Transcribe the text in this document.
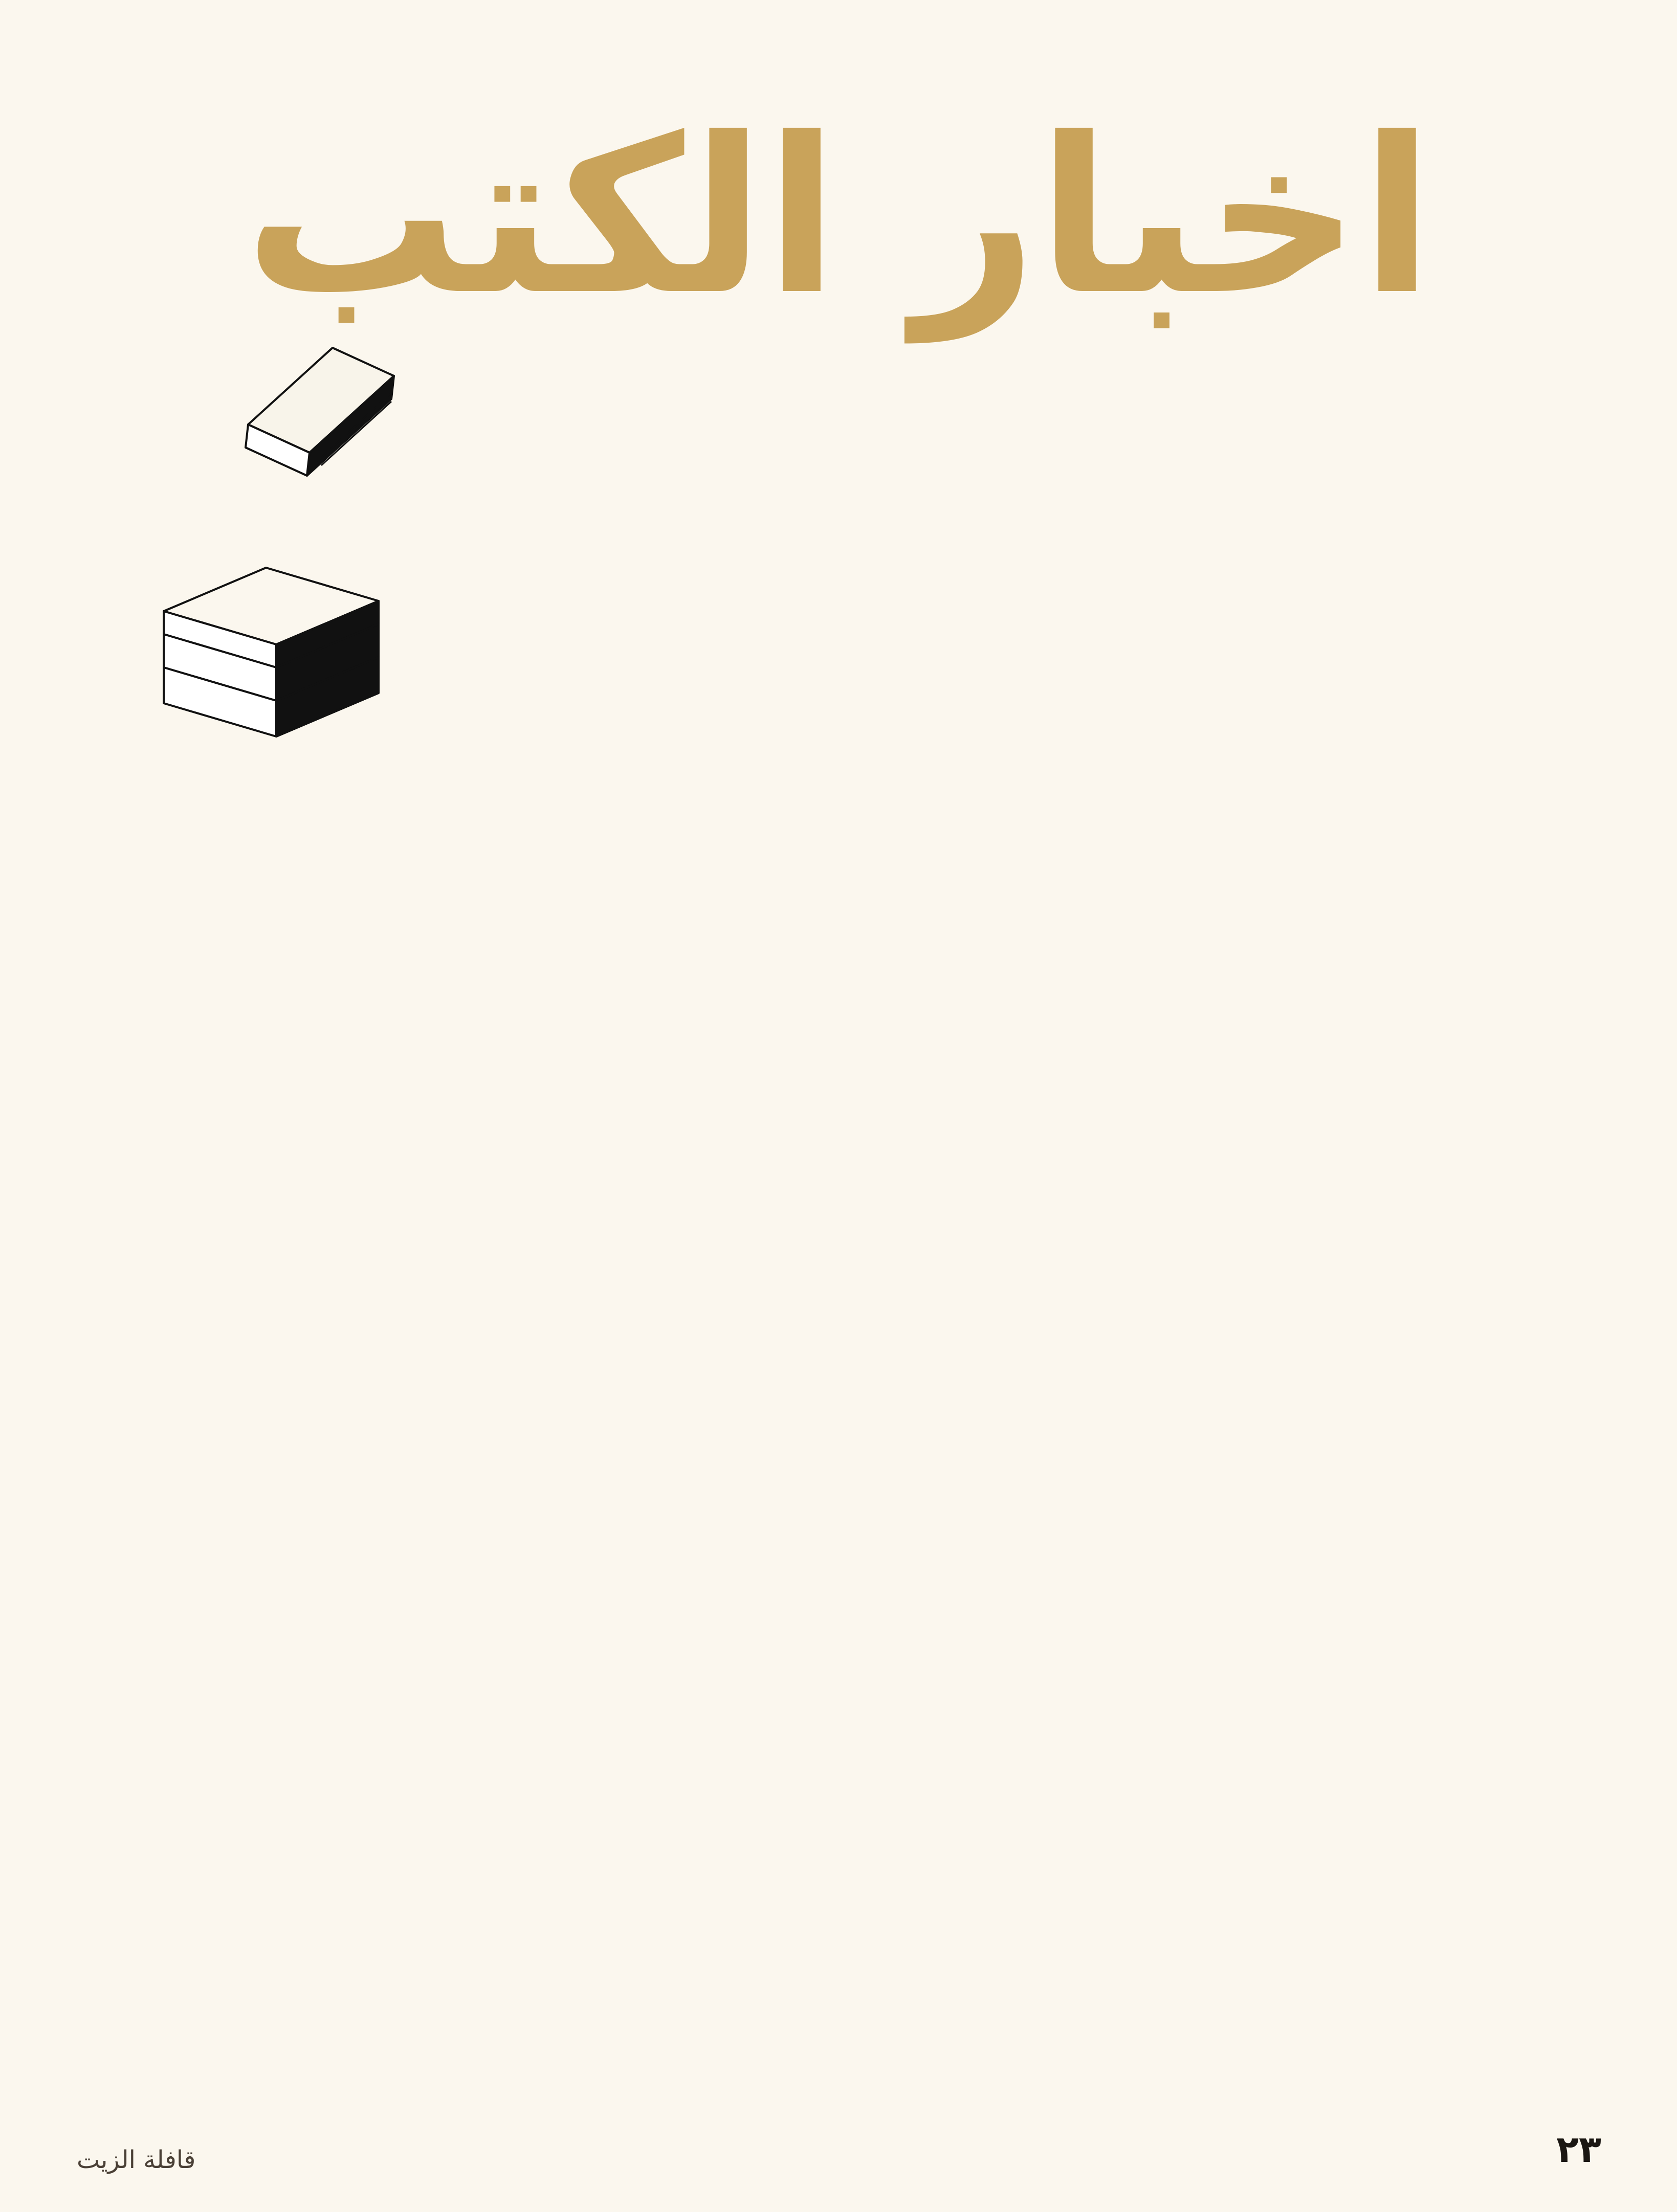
اخبار الكتب
٢٣
قافلة الزيت
